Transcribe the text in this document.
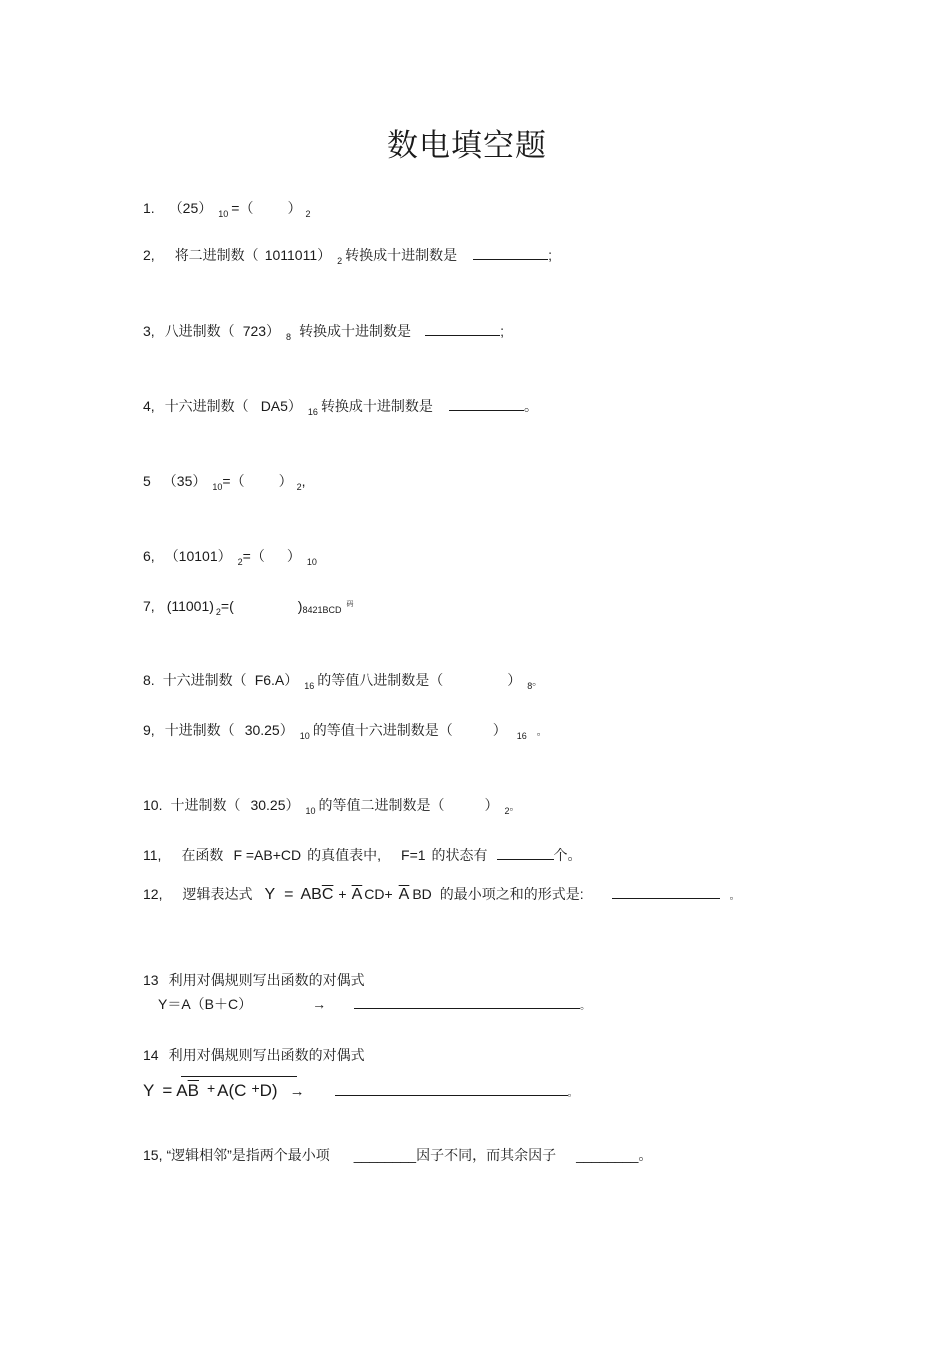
数电填空题
1. （25） 10 =（ ） 2
2, 将二进制数（ 1011011） 2 转换成十进制数是	;
3, 八进制数（ 723） 8 转换成十进制数是	;
4, 十六进制数（ DA5） 16 转换成十进制数是	。
5 （35） 10=（ ） 2,
6, （10101） 2=（ ） 10
7, (11001) 2=(	)8421BCD码
8. 十六进制数（ F6.A） 16 的等值八进制数是（	） 8。
9, 十进制数（ 30.25） 10 的等值十六进制数是（	） 16 。
10. 十进制数（ 30.25） 10 的等值二进制数是（	） 2。
11, 在函数 F =AB+CD 的真值表中, F=1 的状态有	个。
12, 逻辑表达式 $Y = AB\overline{C} + \overline{A}$ $CD+ \overline{A}$ BD 的最小项之和的形式是:	。
13 利用对偶规则写出函数的对偶式
Y＝A（B＋C）	→	。
14 利用对偶规则写出函数的对偶式
$Y = A\overline{B} + A(C +D)$ →	。
15, “逻辑相邻”是指两个最小项 ________因子不同，而其余因子 ________。
